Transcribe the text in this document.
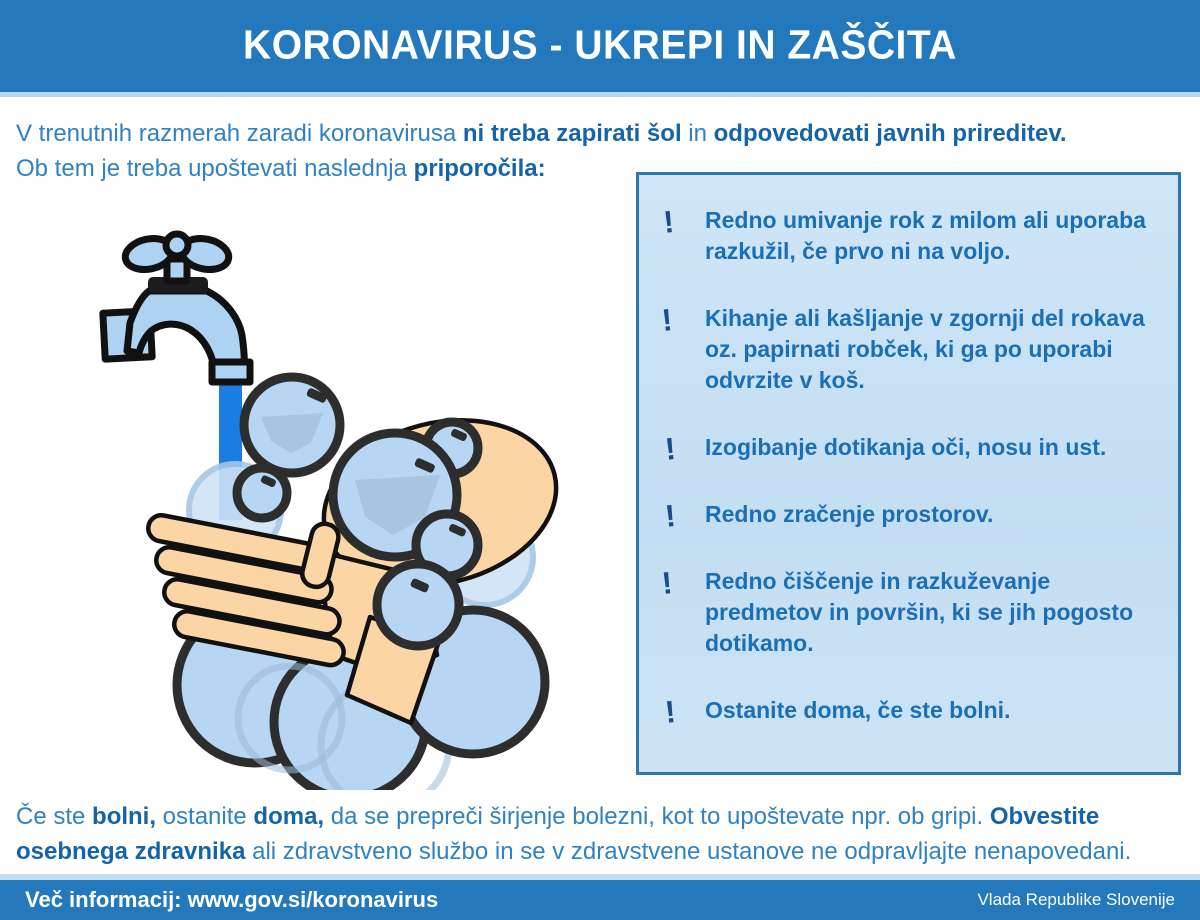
KORONAVIRUS - UKREPI IN ZAŠČITA
V trenutnih razmerah zaradi koronavirusa ni treba zapirati šol in odpovedovati javnih prireditev.
Ob tem je treba upoštevati naslednja priporočila:
!	Redno umivanje rok z milom ali uporaba razkužil, če prvo ni na voljo.
!	Kihanje ali kašljanje v zgornji del rokava oz. papirnati robček, ki ga po uporabi odvrzite v koš.
!	Izogibanje dotikanja oči, nosu in ust.
!	Redno zračenje prostorov.
!	Redno čiščenje in razkuževanje predmetov in površin, ki se jih pogosto dotikamo.
!	Ostanite doma, če ste bolni.
Če ste bolni, ostanite doma, da se prepreči širjenje bolezni, kot to upoštevate npr. ob gripi. Obvestite
osebnega zdravnika ali zdravstveno službo in se v zdravstvene ustanove ne odpravljajte nenapovedani.
Več informacij: www.gov.si/koronavirus	Vlada Republike Slovenije
